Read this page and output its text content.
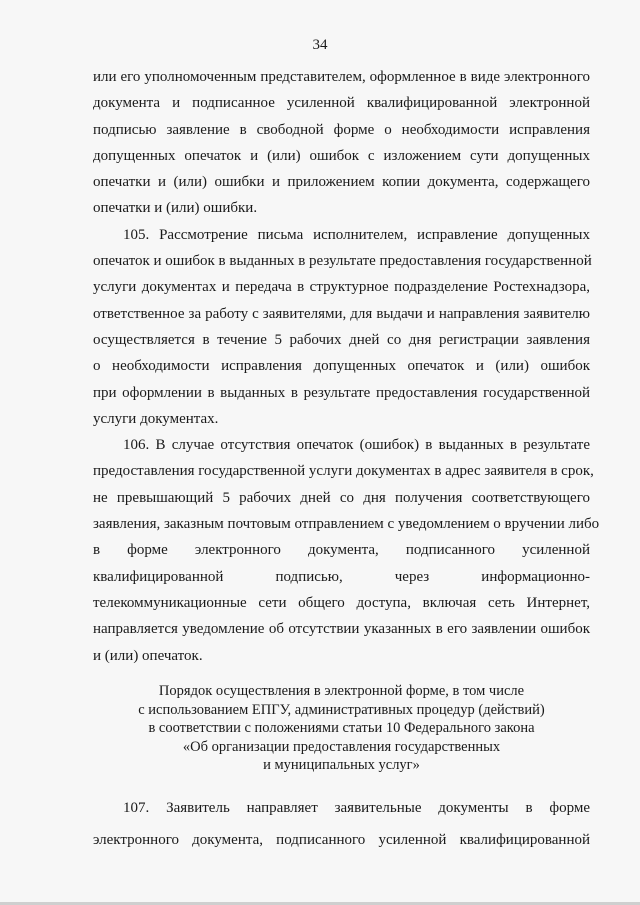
34

или его уполномоченным представителем, оформленное в виде электронного
документа и подписанное усиленной квалифицированной электронной
подписью заявление в свободной форме о необходимости исправления
допущенных опечаток и (или) ошибок с изложением сути допущенных
опечатки и (или) ошибки и приложением копии документа, содержащего
опечатки и (или) ошибки.

105. Рассмотрение письма исполнителем, исправление допущенных
опечаток и ошибок в выданных в результате предоставления государственной
услуги документах и передача в структурное подразделение Ростехнадзора,
ответственное за работу с заявителями, для выдачи и направления заявителю
осуществляется в течение 5 рабочих дней со дня регистрации заявления
о необходимости исправления допущенных опечаток и (или) ошибок
при оформлении в выданных в результате предоставления государственной
услуги документах.

106. В случае отсутствия опечаток (ошибок) в выданных в результате
предоставления государственной услуги документах в адрес заявителя в срок,
не превышающий 5 рабочих дней со дня получения соответствующего
заявления, заказным почтовым отправлением с уведомлением о вручении либо
в форме электронного документа, подписанного усиленной
квалифицированной подписью, через информационно-
телекоммуникационные сети общего доступа, включая сеть Интернет,
направляется уведомление об отсутствии указанных в его заявлении ошибок
и (или) опечаток.

Порядок осуществления в электронной форме, в том числе
с использованием ЕПГУ, административных процедур (действий)
в соответствии с положениями статьи 10 Федерального закона
«Об организации предоставления государственных
и муниципальных услуг»
107. Заявитель направляет заявительные документы в форме
электронного документа, подписанного усиленной квалифицированной
